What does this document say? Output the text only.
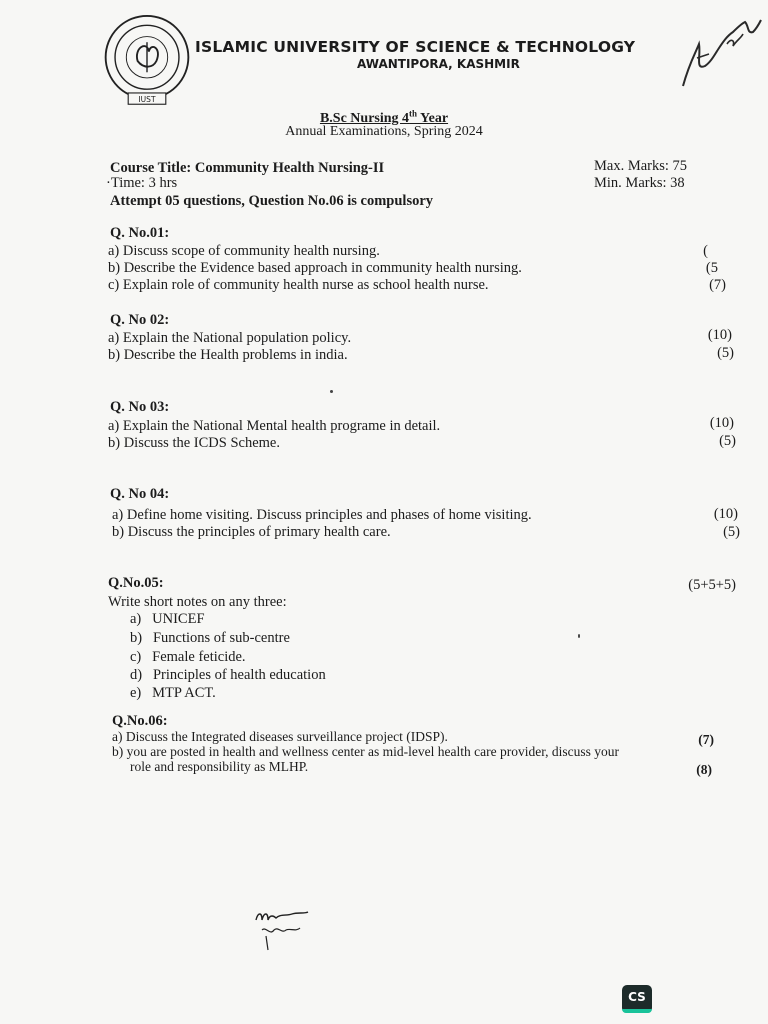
IUST
ISLAMIC UNIVERSITY OF SCIENCE & TECHNOLOGY
AWANTIPORA, KASHMIR
B.Sc Nursing 4th Year
Annual Examinations, Spring 2024
Course Title: Community Health Nursing-II	Max. Marks: 75
·Time: 3 hrs	Min. Marks: 38
Attempt 05 questions, Question No.06 is compulsory
Q. No.01:
a) Discuss scope of community health nursing.	(
b) Describe the Evidence based approach in community health nursing.	(5
c) Explain role of community health nurse as school health nurse.	(7)
Q. No 02:
a) Explain the National population policy.	(10)
b) Describe the Health problems in india.	(5)
Q. No 03:
a) Explain the National Mental health programe in detail.	(10)
b) Discuss the ICDS Scheme.	(5)
Q. No 04:
a) Define home visiting. Discuss principles and phases of home visiting.	(10)
b) Discuss the principles of primary health care.	(5)
Q.No.05:	(5+5+5)
Write short notes on any three:
a) UNICEF
b) Functions of sub-centre
c) Female feticide.
d) Principles of health education
e) MTP ACT.
Q.No.06:
a) Discuss the Integrated diseases surveillance project (IDSP).	(7)
b) you are posted in health and wellness center as mid-level health care provider, discuss your
role and responsibility as MLHP.	(8)
CS
